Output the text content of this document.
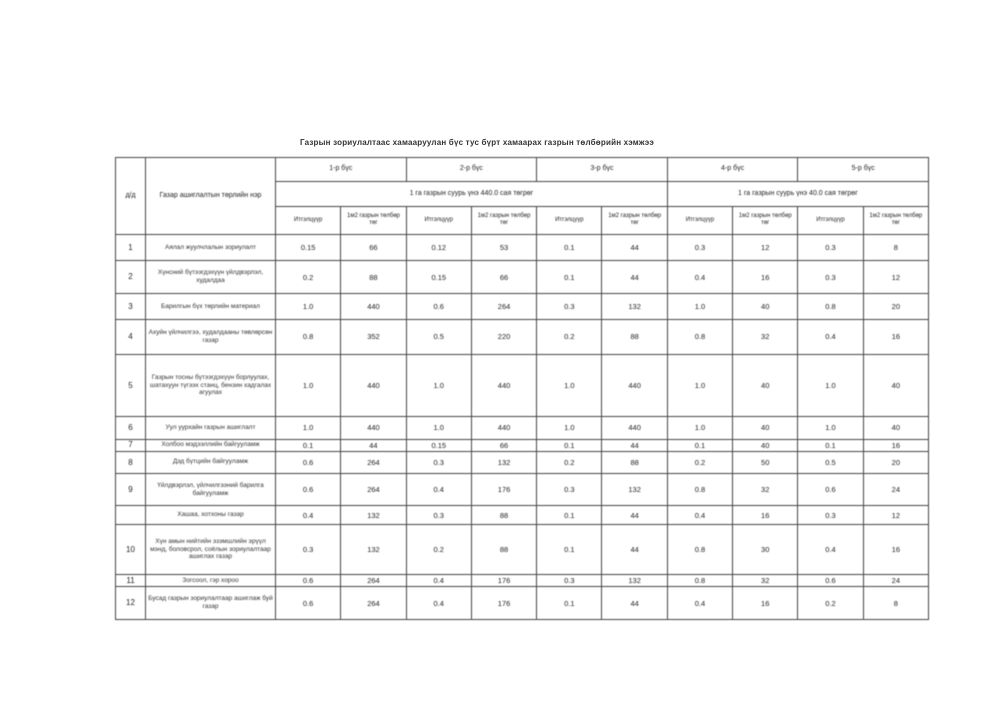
Газрын зориулалтаас хамааруулан бүс тус бүрт хамаарах газрын төлбөрийн хэмжээ
д/д	Газар ашиглалтын төрлийн нэр	1-р бүс		2-р бүс		3-р бүс		4-р бүс		5-р бүс	
		1 га газрын суурь үнэ 440.0 сая төгрөг						1 га газрын суурь үнэ 40.0 сая төгрөг			
		Итгэлцүүр	1м2 газрын төлбөр төг	Итгэлцүүр	1м2 газрын төлбөр төг	Итгэлцүүр	1м2 газрын төлбөр төг	Итгэлцүүр	1м2 газрын төлбөр төг	Итгэлцүүр	1м2 газрын төлбөр төг
1	Аялал жуулчлалын зориулалт	0.15	66	0.12	53	0.1	44	0.3	12	0.3	8
2	Хүнсний бүтээгдэхүүн үйлдвэрлэл, худалдаа	0.2	88	0.15	66	0.1	44	0.4	16	0.3	12
3	Барилгын бүх төрлийн материал	1.0	440	0.6	264	0.3	132	1.0	40	0.8	20
4	Ахуйн үйлчилгээ, худалдааны төвлөрсөн газар	0.8	352	0.5	220	0.2	88	0.8	32	0.4	16
5	Газрын тосны бүтээгдэхүүн борлуулах, шатахуун түгээх станц, бензин хадгалах агуулах	1.0	440	1.0	440	1.0	440	1.0	40	1.0	40
6	Уул уурхайн газрын ашиглалт	1.0	440	1.0	440	1.0	440	1.0	40	1.0	40
7	Холбоо мэдээллийн байгууламж	0.1	44	0.15	66	0.1	44	0.1	40	0.1	16
8	Дэд бүтцийн байгууламж	0.6	264	0.3	132	0.2	88	0.2	50	0.5	20
9	Үйлдвэрлэл, үйлчилгээний барилга байгууламж	0.6	264	0.4	176	0.3	132	0.8	32	0.6	24
	Хашаа, хотхоны газар	0.4	132	0.3	88	0.1	44	0.4	16	0.3	12
10	Хүн амын нийтийн эзэмшлийн эрүүл мэнд, боловсрол, соёлын зориулалтаар ашиглах газар	0.3	132	0.2	88	0.1	44	0.8	30	0.4	16
11	Зогсоол, гэр хороо	0.6	264	0.4	176	0.3	132	0.8	32	0.6	24
12	Бусад газрын зориулалтаар ашиглаж буй газар	0.6	264	0.4	176	0.1	44	0.4	16	0.2	8
